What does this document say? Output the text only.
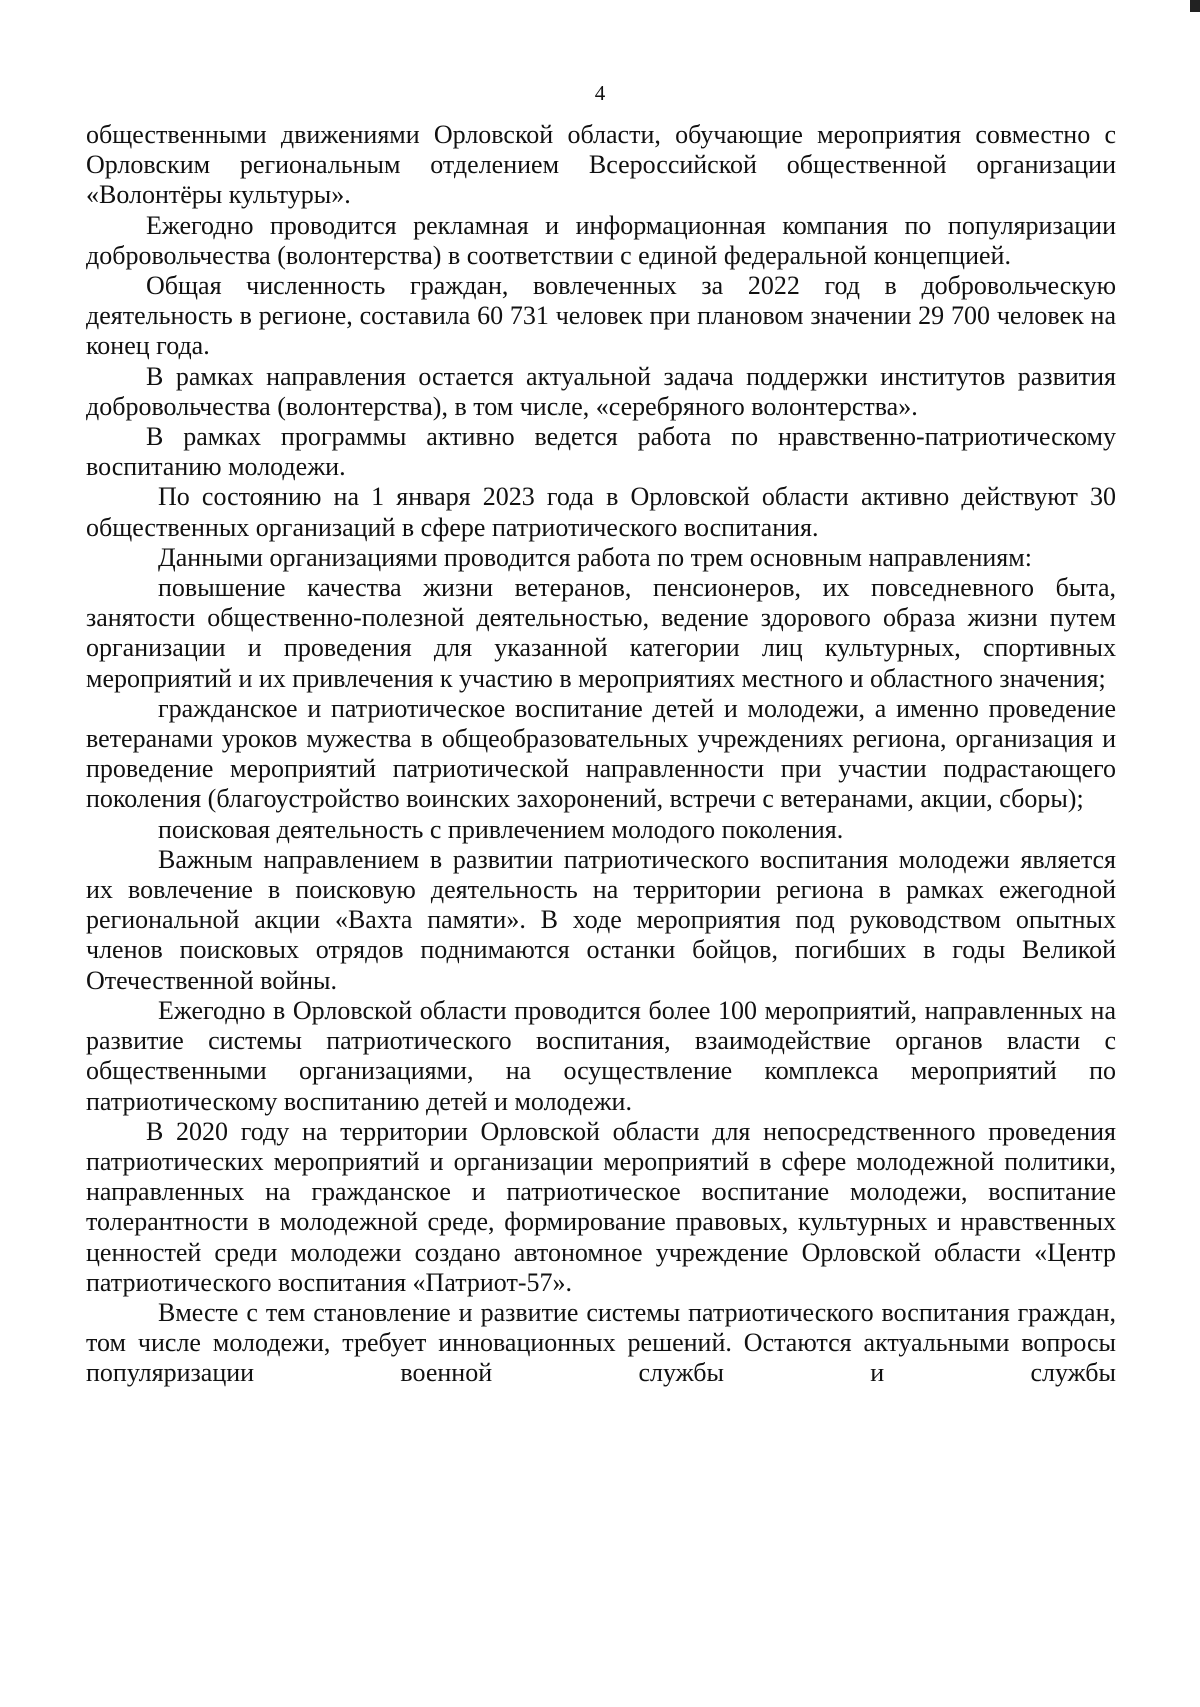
4

общественными движениями Орловской области, обучающие мероприятия совместно с Орловским региональным отделением Всероссийской общественной организации «Волонтёры культуры».

Ежегодно проводится рекламная и информационная компания по популяризации добровольчества (волонтерства) в соответствии с единой федеральной концепцией.

Общая численность граждан, вовлеченных за 2022 год в добровольческую деятельность в регионе, составила 60 731 человек при плановом значении 29 700 человек на конец года.

В рамках направления остается актуальной задача поддержки институтов развития добровольчества (волонтерства), в том числе, «серебряного волонтерства».

В рамках программы активно ведется работа по нравственно-патриотическому воспитанию молодежи.

По состоянию на 1 января 2023 года в Орловской области активно действуют 30 общественных организаций в сфере патриотического воспитания.

Данными организациями проводится работа по трем основным направлениям:

повышение качества жизни ветеранов, пенсионеров, их повседневного быта, занятости общественно-полезной деятельностью, ведение здорового образа жизни путем организации и проведения для указанной категории лиц культурных, спортивных мероприятий и их привлечения к участию в мероприятиях местного и областного значения;

гражданское и патриотическое воспитание детей и молодежи, а именно проведение ветеранами уроков мужества в общеобразовательных учреждениях региона, организация и проведение мероприятий патриотической направленности при участии подрастающего поколения (благоустройство воинских захоронений, встречи с ветеранами, акции, сборы);

поисковая деятельность с привлечением молодого поколения.

Важным направлением в развитии патриотического воспитания молодежи является их вовлечение в поисковую деятельность на территории региона в рамках ежегодной региональной акции «Вахта памяти». В ходе мероприятия под руководством опытных членов поисковых отрядов поднимаются останки бойцов, погибших в годы Великой Отечественной войны.

Ежегодно в Орловской области проводится более 100 мероприятий, направленных на развитие системы патриотического воспитания, взаимодействие органов власти с общественными организациями, на осуществление комплекса мероприятий по патриотическому воспитанию детей и молодежи.

В 2020 году на территории Орловской области для непосредственного проведения патриотических мероприятий и организации мероприятий в сфере молодежной политики, направленных на гражданское и патриотическое воспитание молодежи, воспитание толерантности в молодежной среде, формирование правовых, культурных и нравственных ценностей среди молодежи создано автономное учреждение Орловской области «Центр патриотического воспитания «Патриот-57».

Вместе с тем становление и развитие системы патриотического воспитания граждан, том числе молодежи, требует инновационных решений. Остаются актуальными вопросы популяризации военной службы и службы
